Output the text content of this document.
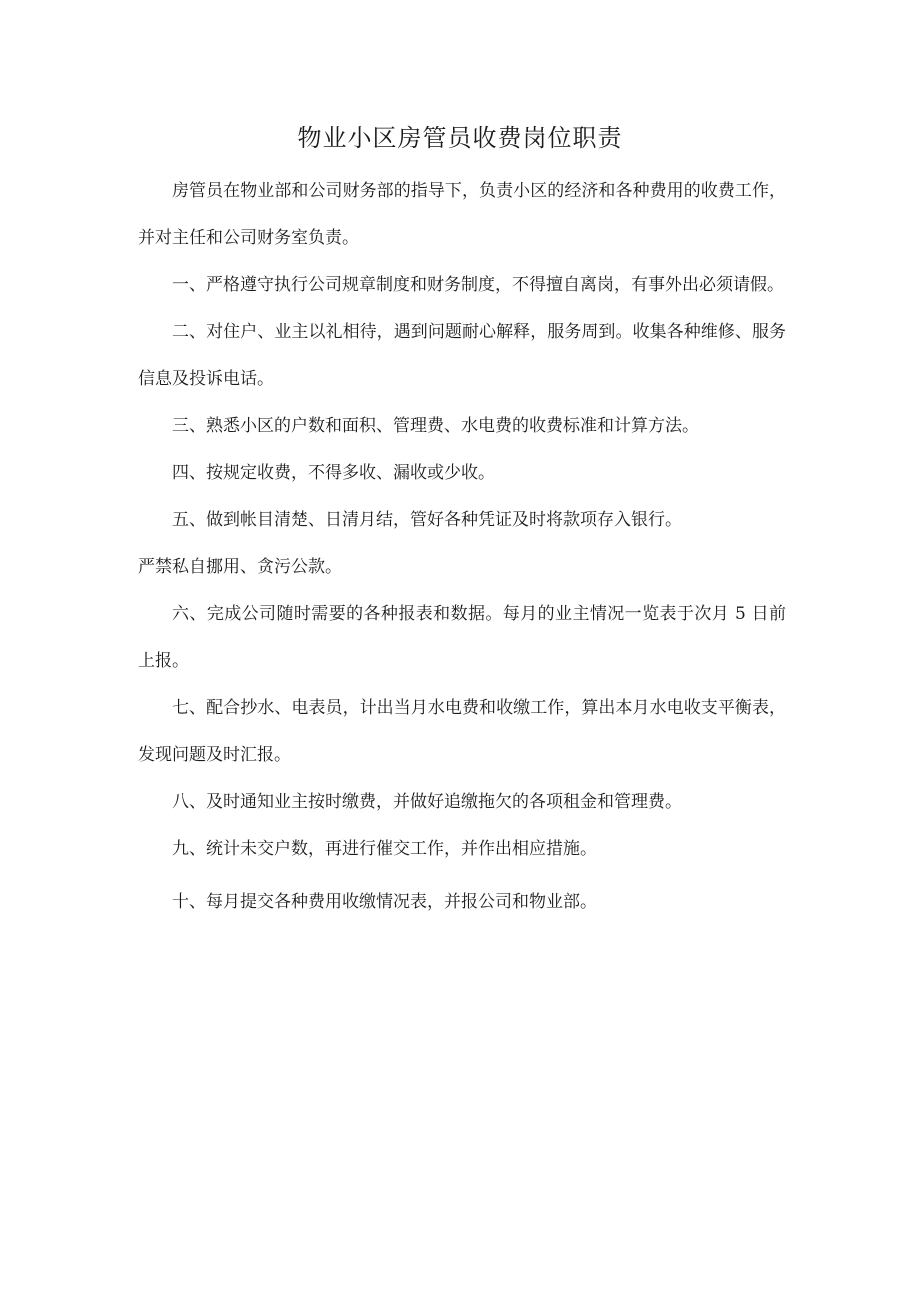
物业小区房管员收费岗位职责

房管员在物业部和公司财务部的指导下，负责小区的经济和各种费用的收费工作，并对主任和公司财务室负责。

一、严格遵守执行公司规章制度和财务制度，不得擅自离岗，有事外出必须请假。

二、对住户、业主以礼相待，遇到问题耐心解释，服务周到。收集各种维修、服务信息及投诉电话。

三、熟悉小区的户数和面积、管理费、水电费的收费标准和计算方法。

四、按规定收费，不得多收、漏收或少收。

五、做到帐目清楚、日清月结，管好各种凭证及时将款项存入银行。

严禁私自挪用、贪污公款。

六、完成公司随时需要的各种报表和数据。每月的业主情况一览表于次月 5 日前上报。

七、配合抄水、电表员，计出当月水电费和收缴工作，算出本月水电收支平衡表，发现问题及时汇报。

八、及时通知业主按时缴费，并做好追缴拖欠的各项租金和管理费。

九、统计未交户数，再进行催交工作，并作出相应措施。

十、每月提交各种费用收缴情况表，并报公司和物业部。
